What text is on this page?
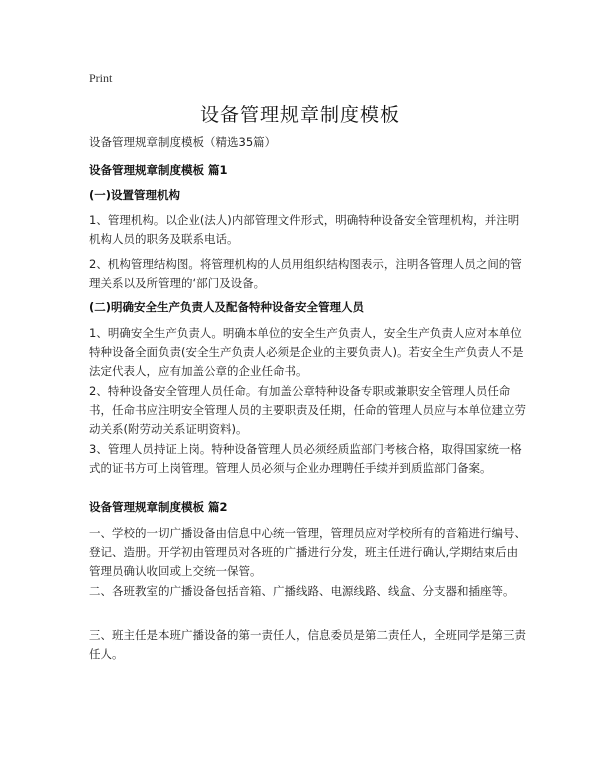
Print
设备管理规章制度模板
设备管理规章制度模板（精选35篇）
设备管理规章制度模板 篇1
(一)设置管理机构
1、管理机构。以企业(法人)内部管理文件形式，明确特种设备安全管理机构，并注明机构人员的职务及联系电话。
2、机构管理结构图。将管理机构的人员用组织结构图表示，注明各管理人员之间的管理关系以及所管理的‘部门及设备。
(二)明确安全生产负责人及配备特种设备安全管理人员
1、明确安全生产负责人。明确本单位的安全生产负责人，安全生产负责人应对本单位特种设备全面负责(安全生产负责人必须是企业的主要负责人)。若安全生产负责人不是法定代表人，应有加盖公章的企业任命书。
2、特种设备安全管理人员任命。有加盖公章特种设备专职或兼职安全管理人员任命书，任命书应注明安全管理人员的主要职责及任期，任命的管理人员应与本单位建立劳动关系(附劳动关系证明资料)。
3、管理人员持证上岗。特种设备管理人员必须经质监部门考核合格，取得国家统一格式的证书方可上岗管理。管理人员必须与企业办理聘任手续并到质监部门备案。
设备管理规章制度模板 篇2
一、学校的一切广播设备由信息中心统一管理，管理员应对学校所有的音箱进行编号、登记、造册。开学初由管理员对各班的广播进行分发，班主任进行确认,学期结束后由管理员确认收回或上交统一保管。
二、各班教室的广播设备包括音箱、广播线路、电源线路、线盒、分支器和插座等。
三、班主任是本班广播设备的第一责任人，信息委员是第二责任人，全班同学是第三责任人。
